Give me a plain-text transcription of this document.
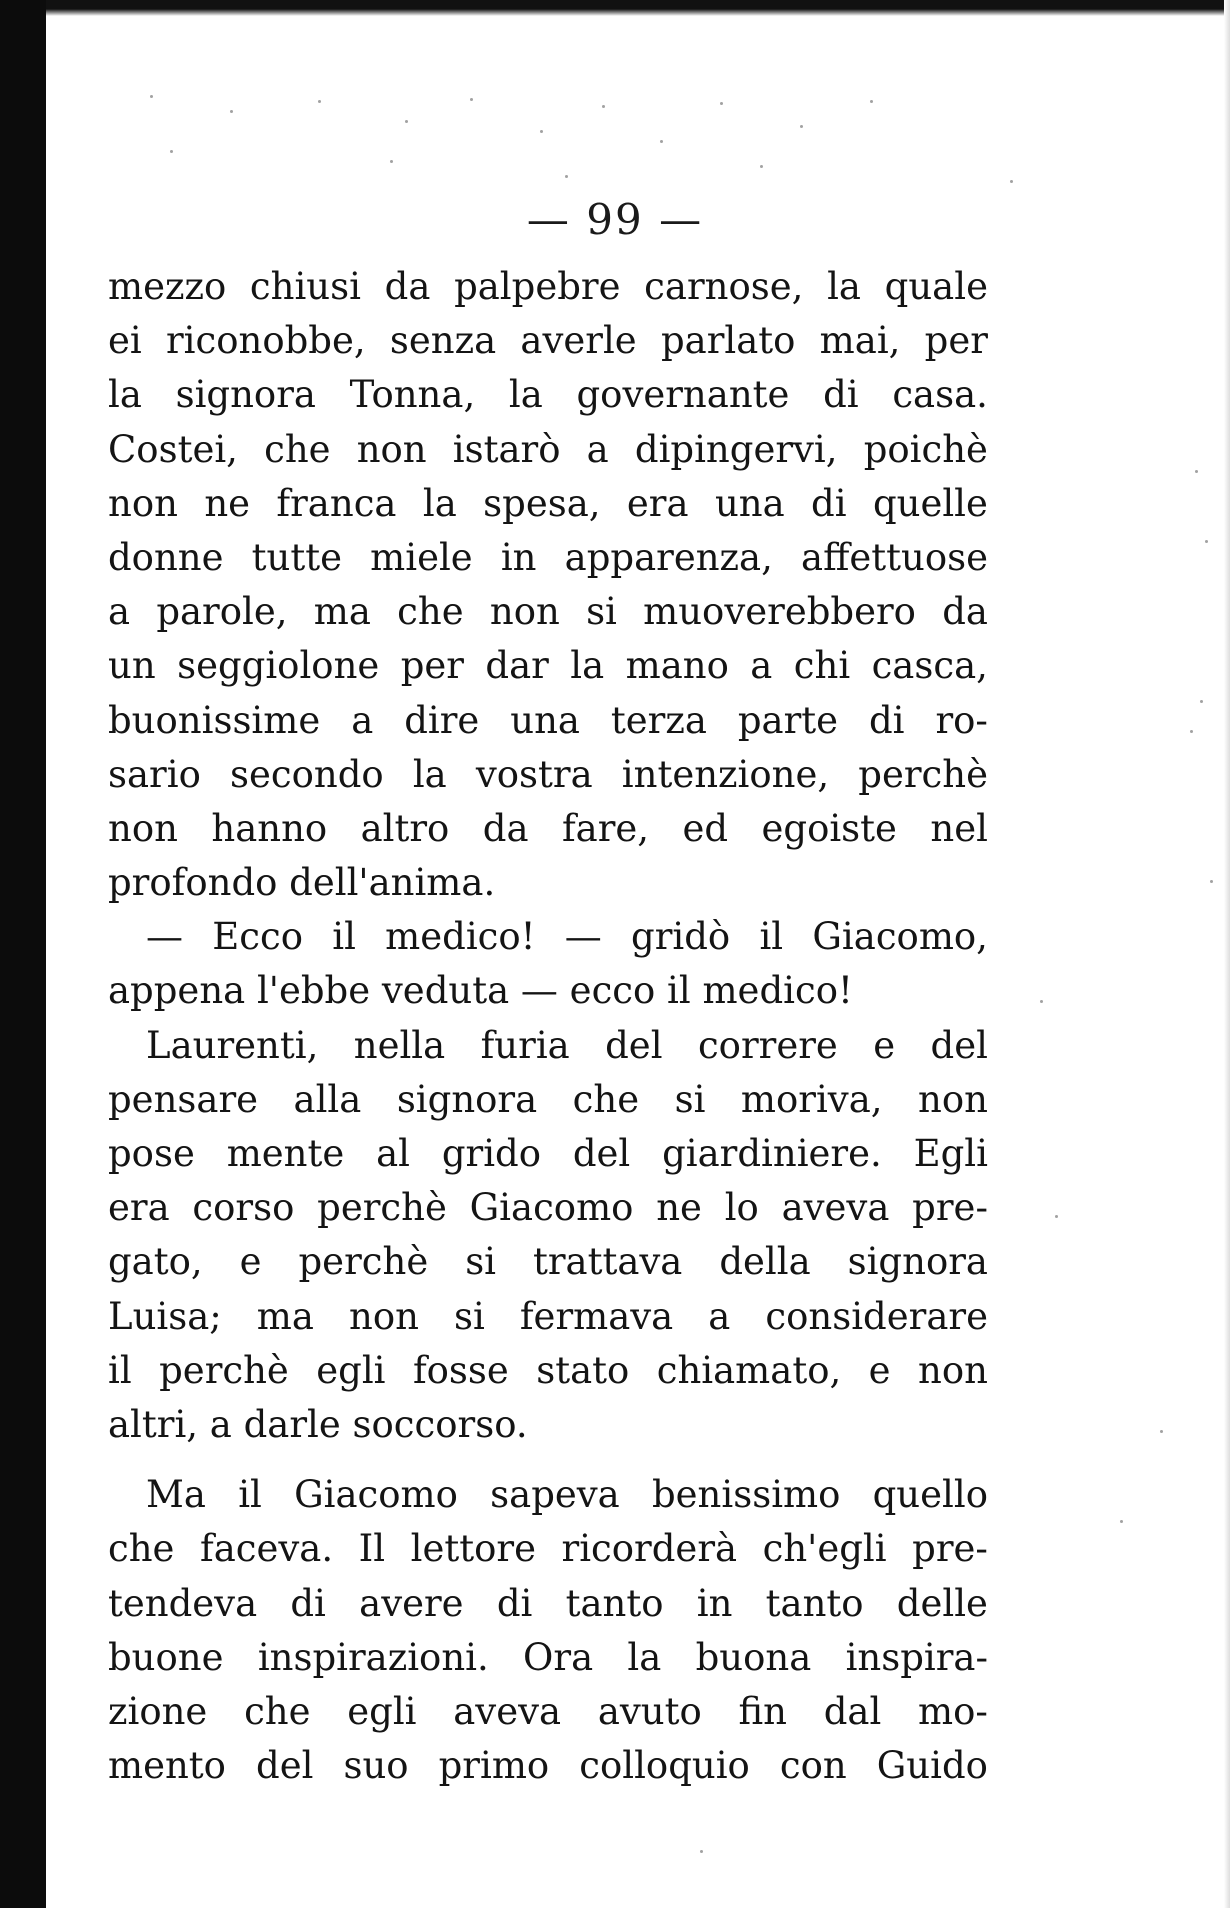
— 99 —
mezzo chiusi da palpebre carnose, la quale
ei riconobbe, senza averle parlato mai, per
la signora Tonna, la governante di casa.
Costei, che non istarò a dipingervi, poichè
non ne franca la spesa, era una di quelle
donne tutte miele in apparenza, affettuose
a parole, ma che non si muoverebbero da
un seggiolone per dar la mano a chi casca,
buonissime a dire una terza parte di ro-
sario secondo la vostra intenzione, perchè
non hanno altro da fare, ed egoiste nel
profondo dell'anima.
— Ecco il medico! — gridò il Giacomo,
appena l'ebbe veduta — ecco il medico!
Laurenti, nella furia del correre e del
pensare alla signora che si moriva, non
pose mente al grido del giardiniere. Egli
era corso perchè Giacomo ne lo aveva pre-
gato, e perchè si trattava della signora
Luisa; ma non si fermava a considerare
il perchè egli fosse stato chiamato, e non
altri, a darle soccorso.
Ma il Giacomo sapeva benissimo quello
che faceva. Il lettore ricorderà ch'egli pre-
tendeva di avere di tanto in tanto delle
buone inspirazioni. Ora la buona inspira-
zione che egli aveva avuto fin dal mo-
mento del suo primo colloquio con Guido
